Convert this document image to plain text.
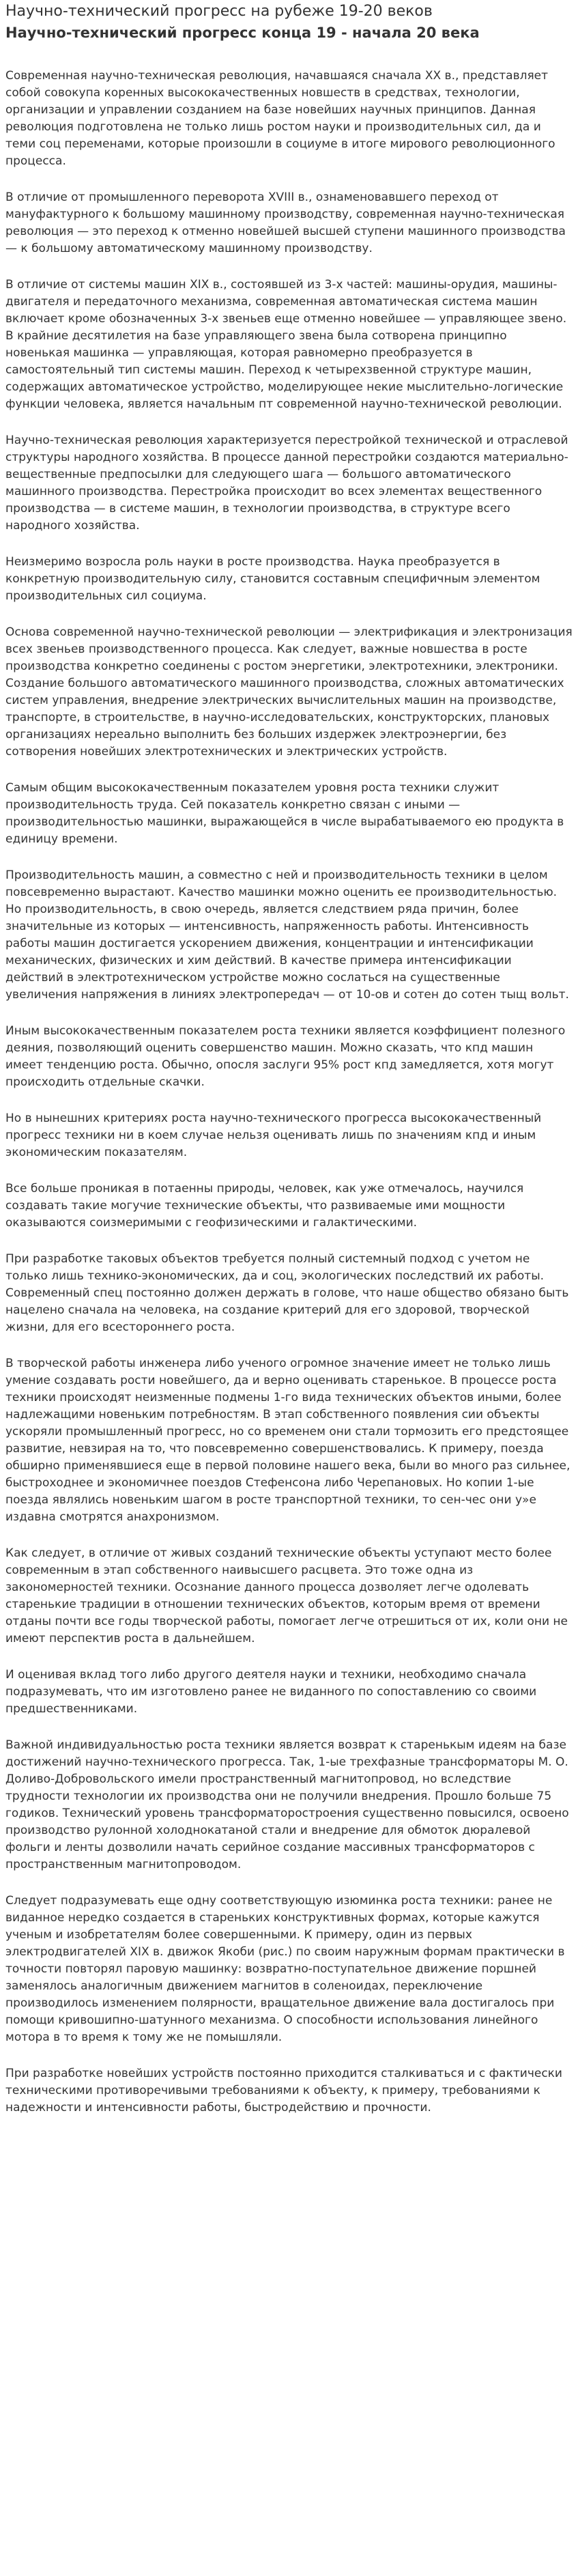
Научно-технический прогресс на рубеже 19-20 веков
Научно-технический прогресс конца 19 - начала 20 века

Современная научно-техническая революция, начавшаяся сначала XX в., представляет собой совокупа коренных высококачественных новшеств в средствах, технологии, организации и управлении созданием на базе новейших научных принципов. Данная революция подготовлена не только лишь ростом науки и производительных сил, да и теми соц переменами, которые произошли в социуме в итоге мирового революционного процесса.

В отличие от промышленного переворота XVIII в., ознаменовавшего переход от мануфактурного к большому машинному производству, современная научно-техническая революция — это переход к отменно новейшей высшей ступени машинного производства — к большому автоматическому машинному производству.

В отличие от системы машин XIX в., состоявшей из 3-х частей: машины-орудия, машины-двигателя и передаточного механизма, современная автоматическая система машин включает кроме обозначенных 3-х звеньев еще отменно новейшее — управляющее звено. В крайние десятилетия на базе управляющего звена была сотворена принципно новенькая машинка — управляющая, которая равномерно преобразуется в самостоятельный тип системы машин. Переход к четырехзвенной структуре машин, содержащих автоматическое устройство, моделирующее некие мыслительно-логические функции человека, является начальным пт современной научно-технической революции.

Научно-техническая революция характеризуется перестройкой технической и отраслевой структуры народного хозяйства. В процессе данной перестройки создаются материально-вещественные предпосылки для следующего шага — большого автоматического машинного производства. Перестройка происходит во всех элементах вещественного производства — в системе машин, в технологии производства, в структуре всего народного хозяйства.

Неизмеримо возросла роль науки в росте производства. Наука преобразуется в конкретную производительную силу, становится составным специфичным элементом производительных сил социума.

Основа современной научно-технической революции — электрификация и электронизация всех звеньев производственного процесса. Как следует, важные новшества в росте производства конкретно соединены с ростом энергетики, электротехники, электроники. Создание большого автоматического машинного производства, сложных автоматических систем управления, внедрение электрических вычислительных машин на производстве, транспорте, в строительстве, в научно-исследовательских, конструкторских, плановых организациях нереально выполнить без больших издержек электроэнергии, без сотворения новейших электротехнических и электрических устройств.

Самым общим высококачественным показателем уровня роста техники служит производительность труда. Сей показатель конкретно связан с иными — производительностью машинки, выражающейся в числе вырабатываемого ею продукта в единицу времени.

Производительность машин, а совместно с ней и производительность техники в целом повсевременно вырастают. Качество машинки можно оценить ее производительностью. Но производительность, в свою очередь, является следствием ряда причин, более значительные из которых — интенсивность, напряженность работы. Интенсивность работы машин достигается ускорением движения, концентрации и интенсификации механических, физических и хим действий. В качестве примера интенсификации действий в электротехническом устройстве можно сослаться на существенные увеличения напряжения в линиях электропередач — от 10-ов и сотен до сотен тыщ вольт.

Иным высококачественным показателем роста техники является коэффициент полезного деяния, позволяющий оценить совершенство машин. Можно сказать, что кпд машин имеет тенденцию роста. Обычно, опосля заслуги 95% рост кпд замедляется, хотя могут происходить отдельные скачки.

Но в нынешних критериях роста научно-технического прогресса высококачественный прогресс техники ни в коем случае нельзя оценивать лишь по значениям кпд и иным экономическим показателям.

Все больше проникая в потаенны природы, человек, как уже отмечалось, научился создавать такие могучие технические объекты, что развиваемые ими мощности оказываются соизмеримыми с геофизическими и галактическими.

При разработке таковых объектов требуется полный системный подход с учетом не только лишь технико-экономических, да и соц, экологических последствий их работы. Современный спец постоянно должен держать в голове, что наше общество обязано быть нацелено сначала на человека, на создание критерий для его здоровой, творческой жизни, для его всестороннего роста.

В творческой работы инженера либо ученого огромное значение имеет не только лишь умение создавать рости новейшего, да и верно оценивать старенькое. В процессе роста техники происходят неизменные подмены 1-го вида технических объектов иными, более надлежащими новеньким потребностям. В этап собственного появления сии объекты ускоряли промышленный прогресс, но со временем они стали тормозить его предстоящее развитие, невзирая на то, что повсевременно совершенствовались. К примеру, поезда обширно применявшиеся еще в первой половине нашего века, были во много раз сильнее, быстроходнее и экономичнее поездов Стефенсона либо Черепановых. Но копии 1-ые поезда являлись новеньким шагом в росте транспортной техники, то сен-чес они у»е издавна смотрятся анахронизмом.

Как следует, в отличие от живых созданий технические объекты уступают место более современным в этап собственного наивысшего расцвета. Это тоже одна из закономерностей техники. Осознание данного процесса дозволяет легче одолевать старенькие традиции в отношении технических объектов, которым время от времени отданы почти все годы творческой работы, помогает легче отрешиться от их, коли они не имеют перспектив роста в дальнейшем.

И оценивая вклад того либо другого деятеля науки и техники, необходимо сначала подразумевать, что им изготовлено ранее не виданного по сопоставлению со своими предшественниками.

Важной индивидуальностью роста техники является возврат к старенькым идеям на базе достижений научно-технического прогресса. Так, 1-ые трехфазные трансформаторы М. О. Доливо-Добровольского имели пространственный магнитопровод, но вследствие трудности технологии их производства они не получили внедрения. Прошло больше 75 годиков. Технический уровень трансформаторостроения существенно повысился, освоено производство рулонной холоднокатаной стали и внедрение для обмоток дюралевой фольги и ленты дозволили начать серийное создание массивных трансформаторов с пространственным магнитопроводом.

Следует подразумевать еще одну соответствующую изюминка роста техники: ранее не виданное нередко создается в стареньких конструктивных формах, которые кажутся ученым и изобретателям более совершенными. К примеру, один из первых электродвигателей XIX в. движок Якоби (рис.) по своим наружным формам практически в точности повторял паровую машинку: возвратно-поступательное движение поршней заменялось аналогичным движением магнитов в соленоидах, переключение производилось изменением полярности, вращательное движение вала достигалось при помощи кривошипно-шатунного механизма. О способности использования линейного мотора в то время к тому же не помышляли.

При разработке новейших устройств постоянно приходится сталкиваться и с фактически техническими противоречивыми требованиями к объекту, к примеру, требованиями к надежности и интенсивности работы, быстродействию и прочности.
